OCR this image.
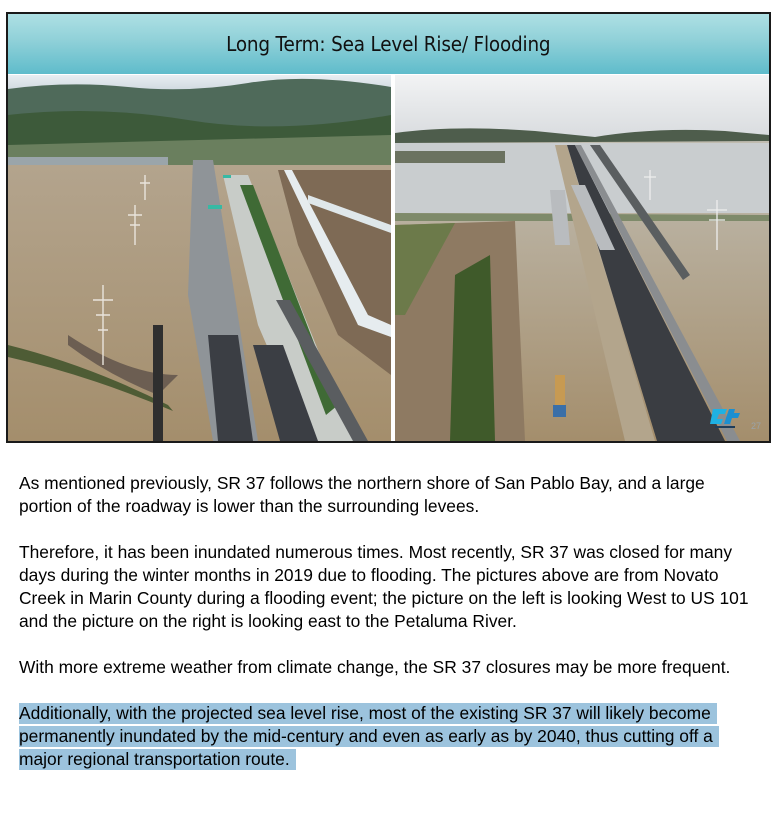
Long Term: Sea Level Rise/ Flooding
27

As mentioned previously, SR 37 follows the northern shore of San Pablo Bay, and a large portion of the roadway is lower than the surrounding levees.

Therefore, it has been inundated numerous times. Most recently, SR 37 was closed for many days during the winter months in 2019 due to flooding. The pictures above are from Novato Creek in Marin County during a flooding event; the picture on the left is looking West to US 101 and the picture on the right is looking east to the Petaluma River.

With more extreme weather from climate change, the SR 37 closures may be more frequent.

Additionally, with the projected sea level rise, most of the existing SR 37 will likely become permanently inundated by the mid-century and even as early as by 2040, thus cutting off a major regional transportation route.
